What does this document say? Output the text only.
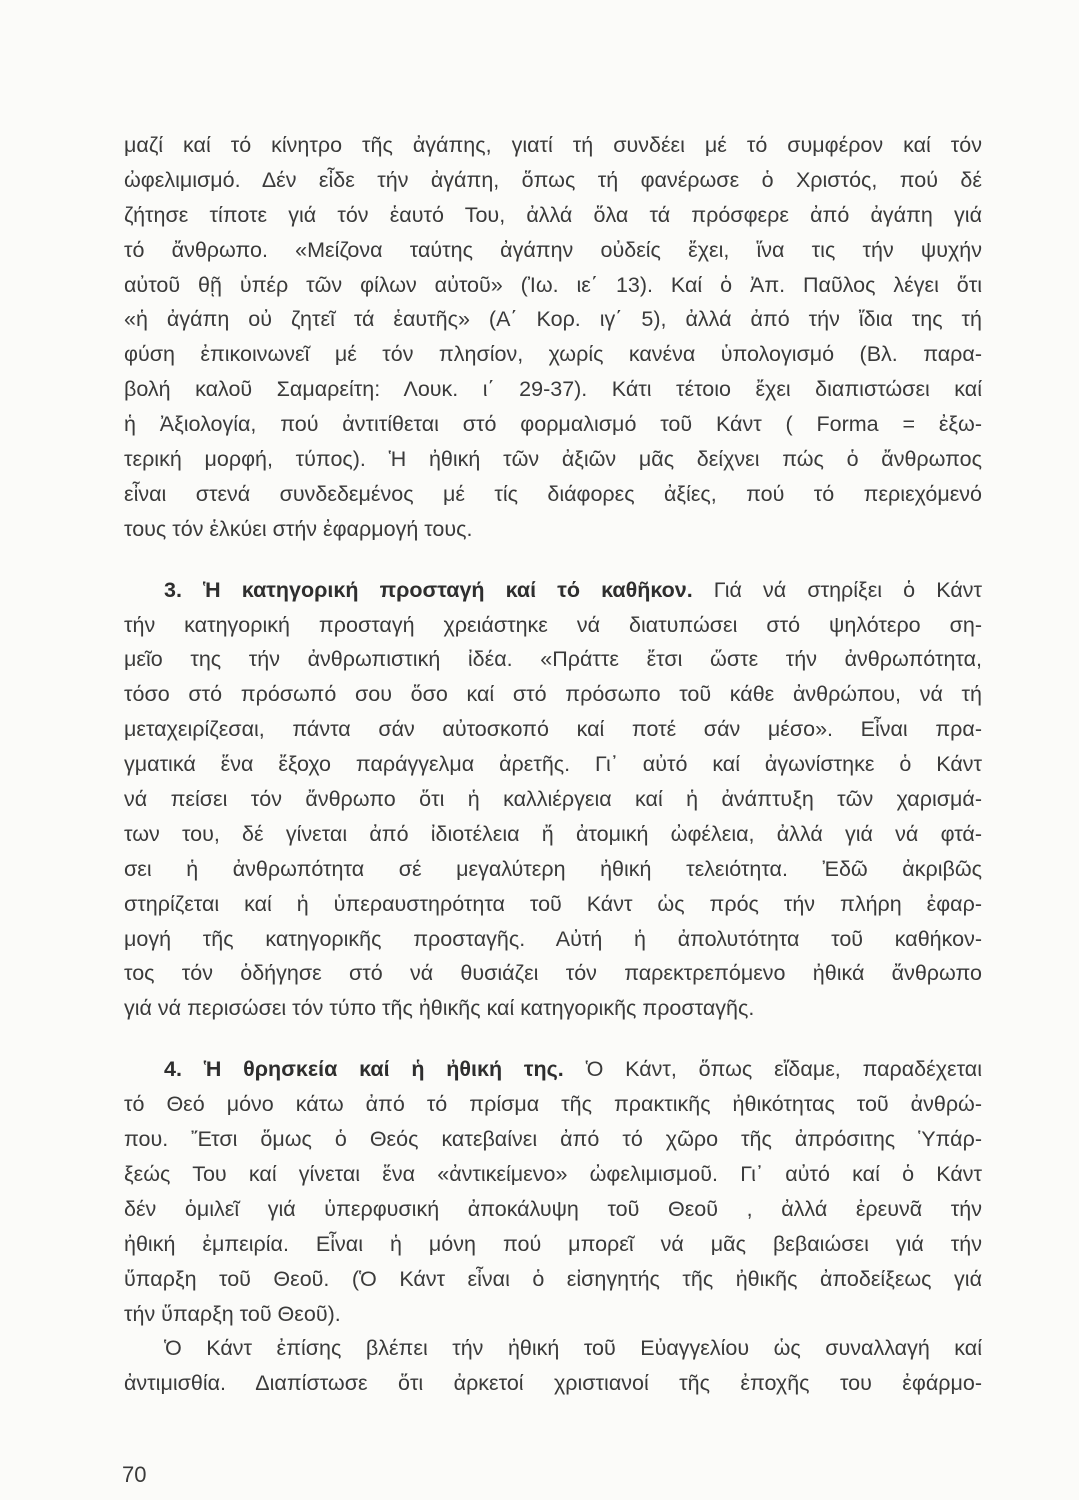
μαζί καί τό κίνητρο τῆς ἀγάπης, γιατί τή συνδέει μέ τό συμφέρον καί τόν
ὠφελιμισμό. Δέν εἶδε τήν ἀγάπη, ὅπως τή φανέρωσε ὁ Χριστός, πού δέ
ζήτησε τίποτε γιά τόν ἑαυτό Του, ἀλλά ὅλα τά πρόσφερε ἀπό ἀγάπη γιά
τό ἄνθρωπο. «Μείζονα ταύτης ἀγάπην οὐδείς ἔχει, ἵνα τις τήν ψυχήν
αὐτοῦ θῇ ὑπέρ τῶν φίλων αὐτοῦ» (Ἰω. ιε΄ 13). Καί ὁ Ἀπ. Παῦλος λέγει ὅτι
«ἡ ἀγάπη οὐ ζητεῖ τά ἑαυτῆς» (Α΄ Κορ. ιγ΄ 5), ἀλλά ἀπό τήν ἴδια της τή
φύση ἐπικοινωνεῖ μέ τόν πλησίον, χωρίς κανένα ὑπολογισμό (Βλ. παρα-
βολή καλοῦ Σαμαρείτη: Λουκ. ι΄ 29-37). Κάτι τέτοιο ἔχει διαπιστώσει καί
ἡ Ἀξιολογία, πού ἀντιτίθεται στό φορμαλισμό τοῦ Κάντ ( Forma = ἐξω-
τερική μορφή, τύπος). Ἡ ἠθική τῶν ἀξιῶν μᾶς δείχνει πώς ὁ ἄνθρωπος
εἶναι στενά συνδεδεμένος μέ τίς διάφορες ἀξίες, πού τό περιεχόμενό
τους τόν ἑλκύει στήν ἐφαρμογή τους.
3. Ἡ κατηγορική προσταγή καί τό καθῆκον. Γιά νά στηρίξει ὁ Κάντ
τήν κατηγορική προσταγή χρειάστηκε νά διατυπώσει στό ψηλότερο ση-
μεῖο της τήν ἀνθρωπιστική ἰδέα. «Πράττε ἔτσι ὥστε τήν ἀνθρωπότητα,
τόσο στό πρόσωπό σου ὅσο καί στό πρόσωπο τοῦ κάθε ἀνθρώπου, νά τή
μεταχειρίζεσαι, πάντα σάν αὐτοσκοπό καί ποτέ σάν μέσο». Εἶναι πρα-
γματικά ἕνα ἔξοχο παράγγελμα ἀρετῆς. Γι᾿ αὐτό καί ἀγωνίστηκε ὁ Κάντ
νά πείσει τόν ἄνθρωπο ὅτι ἡ καλλιέργεια καί ἡ ἀνάπτυξη τῶν χαρισμά-
των του, δέ γίνεται ἀπό ἰδιοτέλεια ἤ ἀτομική ὠφέλεια, ἀλλά γιά νά φτά-
σει ἡ ἀνθρωπότητα σέ μεγαλύτερη ἠθική τελειότητα. Ἐδῶ ἀκριβῶς
στηρίζεται καί ἡ ὑπεραυστηρότητα τοῦ Κάντ ὡς πρός τήν πλήρη ἐφαρ-
μογή τῆς κατηγορικῆς προσταγῆς. Αὐτή ἡ ἀπολυτότητα τοῦ καθήκον-
τος τόν ὁδήγησε στό νά θυσιάζει τόν παρεκτρεπόμενο ἠθικά ἄνθρωπο
γιά νά περισώσει τόν τύπο τῆς ἠθικῆς καί κατηγορικῆς προσταγῆς.
4. Ἡ θρησκεία καί ἡ ἠθική της. Ὁ Κάντ, ὅπως εἴδαμε, παραδέχεται
τό Θεό μόνο κάτω ἀπό τό πρίσμα τῆς πρακτικῆς ἠθικότητας τοῦ ἀνθρώ-
που. Ἔτσι ὅμως ὁ Θεός κατεβαίνει ἀπό τό χῶρο τῆς ἀπρόσιτης Ὑπάρ-
ξεώς Του καί γίνεται ἕνα «ἀντικείμενο» ὠφελιμισμοῦ. Γι᾿ αὐτό καί ὁ Κάντ
δέν ὁμιλεῖ γιά ὑπερφυσική ἀποκάλυψη τοῦ Θεοῦ , ἀλλά ἐρευνᾶ τήν
ἠθική ἐμπειρία. Εἶναι ἡ μόνη πού μπορεῖ νά μᾶς βεβαιώσει γιά τήν
ὕπαρξη τοῦ Θεοῦ. (Ὁ Κάντ εἶναι ὁ εἰσηγητής τῆς ἠθικῆς ἀποδείξεως γιά
τήν ὕπαρξη τοῦ Θεοῦ).
Ὁ Κάντ ἐπίσης βλέπει τήν ἠθική τοῦ Εὐαγγελίου ὡς συναλλαγή καί
ἀντιμισθία. Διαπίστωσε ὅτι ἀρκετοί χριστιανοί τῆς ἐποχῆς του ἐφάρμο-
70
